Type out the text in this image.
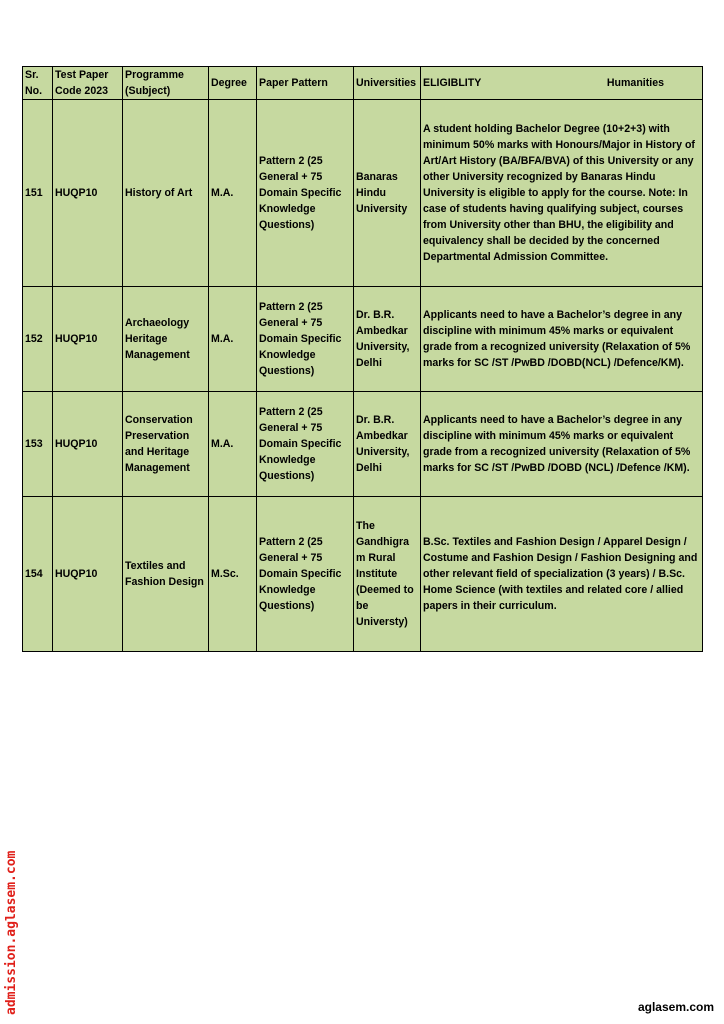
Sr. No.	Test Paper Code 2023	Programme (Subject)	Degree	Paper Pattern	Universities	ELIGIBLITY Humanities

151	HUQP10	History of Art	M.A.	Pattern 2 (25 General + 75 Domain Specific Knowledge Questions)	Banaras Hindu University	A student holding Bachelor Degree (10+2+3) with minimum 50% marks with Honours/Major in History of Art/Art History (BA/BFA/BVA) of this University or any other University recognized by Banaras Hindu University is eligible to apply for the course. Note: In case of students having qualifying subject, courses from University other than BHU, the eligibility and equivalency shall be decided by the concerned Departmental Admission Committee.
152	HUQP10	Archaeology Heritage Management	M.A.	Pattern 2 (25 General + 75 Domain Specific Knowledge Questions)	Dr. B.R. Ambedkar University, Delhi	Applicants need to have a Bachelor’s degree in any discipline with minimum 45% marks or equivalent grade from a recognized university (Relaxation of 5% marks for SC /ST /PwBD /DOBD(NCL) /Defence/KM).
153	HUQP10	Conservation Preservation and Heritage Management	M.A.	Pattern 2 (25 General + 75 Domain Specific Knowledge Questions)	Dr. B.R. Ambedkar University, Delhi	Applicants need to have a Bachelor’s degree in any discipline with minimum 45% marks or equivalent grade from a recognized university (Relaxation of 5% marks for SC /ST /PwBD /DOBD (NCL) /Defence /KM).
154	HUQP10	Textiles and Fashion Design	M.Sc.	Pattern 2 (25 General + 75 Domain Specific Knowledge Questions)	The Gandhigram Rural Institute (Deemed to be Universty)	B.Sc. Textiles and Fashion Design / Apparel Design / Costume and Fashion Design / Fashion Designing and other relevant field of specialization (3 years) / B.Sc. Home Science (with textiles and related core / allied papers in their curriculum.
admission.aglasem.com	aglasem.com
